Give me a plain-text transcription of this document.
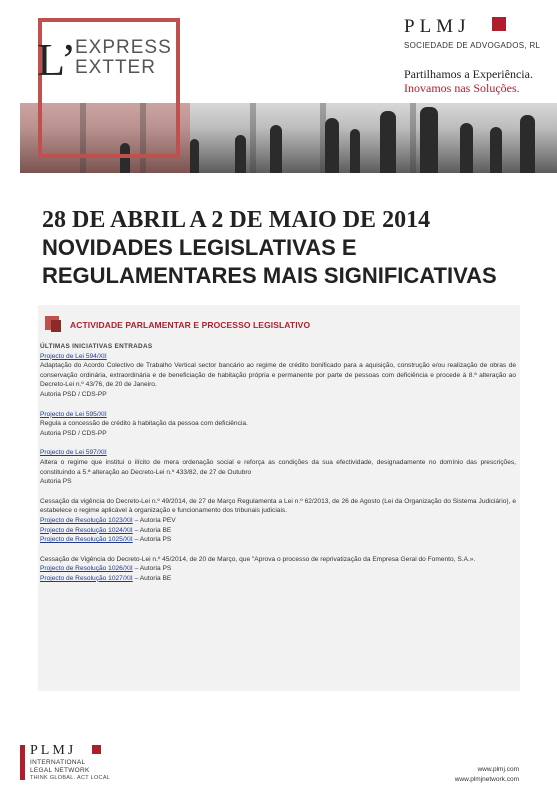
L’
EXPRESS
EXTTER
PLMJ
SOCIEDADE DE ADVOGADOS, RL
Partilhamos a Experiência.
Inovamos nas Soluções.
28 DE ABRIL A 2 DE MAIO DE 2014
NOVIDADES LEGISLATIVAS E
REGULAMENTARES MAIS SIGNIFICATIVAS
ACTIVIDADE PARLAMENTAR E PROCESSO LEGISLATIVO
ÚLTIMAS INICIATIVAS ENTRADAS
Projecto de Lei 594/XII
Adaptação do Acordo Colectivo de Trabalho Vertical sector bancário ao regime de crédito bonificado para a aquisição, construção e/ou realização de obras de conservação ordinária, extraordinária e de beneficiação de habitação própria e permanente por parte de pessoas com deficiência e procede à 8.ª alteração ao Decreto-Lei n.º 43/76, de 20 de Janeiro.
Autoria PSD / CDS-PP
Projecto de Lei 595/XII
Regula a concessão de crédito à habitação da pessoa com deficiência.
Autoria PSD / CDS-PP
Projecto de Lei 597/XII
Altera o regime que institui o ilícito de mera ordenação social e reforça as condições da sua efectividade, designadamente no domínio das prescrições, constituindo a 5.ª alteração ao Decreto-Lei n.º 433/82, de 27 de Outubro
Autoria PS
Cessação da vigência do Decreto-Lei n.º 49/2014, de 27 de Março Regulamenta a Lei n.º 62/2013, de 26 de Agosto (Lei da Organização do Sistema Judiciário), e estabelece o regime aplicável à organização e funcionamento dos tribunais judiciais.
Projecto de Resolução 1023/XII – Autoria PEV
Projecto de Resolução 1024/XII – Autoria BE
Projecto de Resolução 1025/XII – Autoria PS
Cessação de Vigência do Decreto-Lei n.º 45/2014, de 20 de Março, que "Aprova o processo de reprivatização da Empresa Geral do Fomento, S.A.».
Projecto de Resolução 1026/XII – Autoria PS
Projecto de Resolução 1027/XII – Autoria BE
PLMJ
INTERNATIONAL
LEGAL NETWORK
THINK GLOBAL. ACT LOCAL
www.plmj.com
www.plmjnetwork.com
